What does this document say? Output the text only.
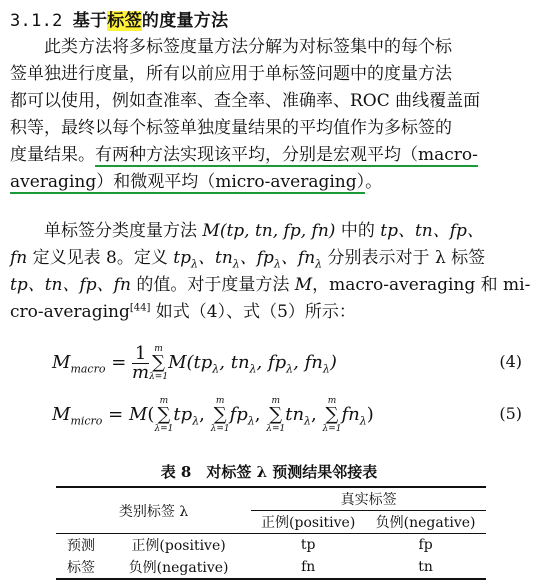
3.1.2 基于标签的度量方法
此类方法将多标签度量方法分解为对标签集中的每个标
签单独进行度量，所有以前应用于单标签问题中的度量方法
都可以使用，例如查准率、查全率、准确率、ROC 曲线覆盖面
积等，最终以每个标签单独度量结果的平均值作为多标签的
度量结果。有两种方法实现该平均，分别是宏观平均（macro-
averaging）和微观平均（micro-averaging）。
单标签分类度量方法 M(tp, tn, fp, fn) 中的 tp、tn、fp、
fn 定义见表 8。定义 $tp_\lambda$、$tn_\lambda$、$fp_\lambda$、$fn_\lambda$ 分别表示对于 λ 标签
tp、tn、fp、fn 的值。对于度量方法 M，macro-averaging 和 mi-
cro-averaging[44] 如式（4）、式（5）所示：
$M_{macro} = \frac{1}{m}$ m
∑
λ=1
$M(tp_\lambda$, $tn_\lambda$, $fp_\lambda$, $fn_\lambda$)	(4)
$M_{micro} = M$(
m
∑
λ=1
$tp_\lambda$,
m
∑
λ=1
$fp_\lambda$,
m
∑
λ=1
$tn_\lambda$,
m
∑
λ=1
$fn_\lambda$)	(5)
表 8　对标签 λ 预测结果邻接表
类别标签 λ		真实标签	
		正例(positive)	负例(negative)
预测	正例(positive)	tp	fp
标签	负例(negative)	fn	tn
